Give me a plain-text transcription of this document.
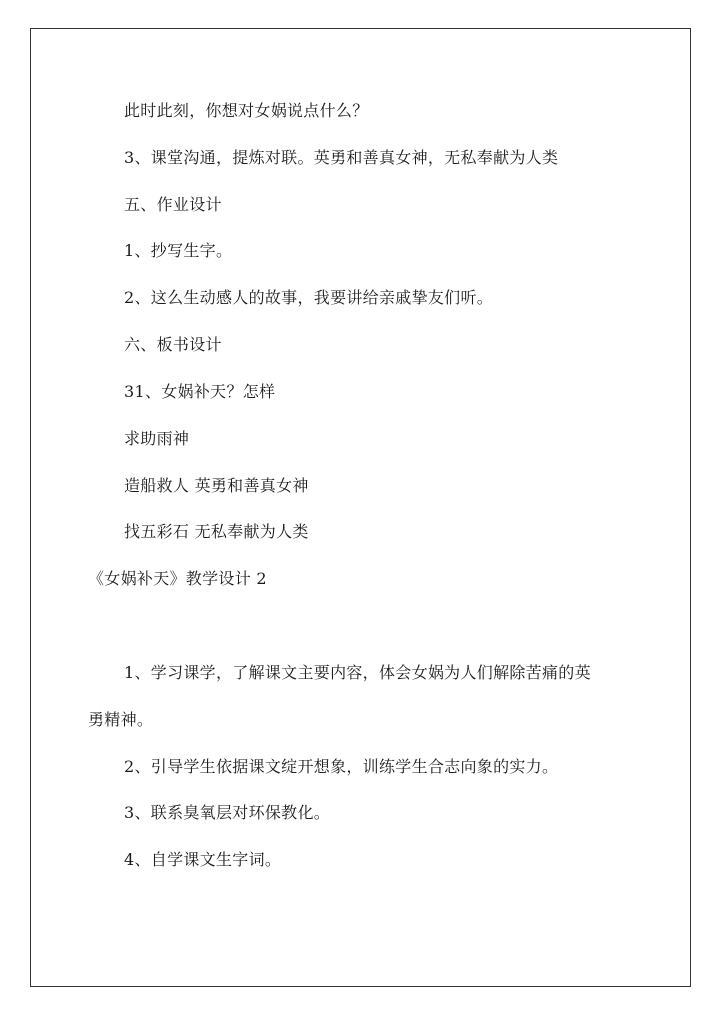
此时此刻，你想对女娲说点什么？
3、课堂沟通，提炼对联。英勇和善真女神，无私奉献为人类
五、作业设计
1、抄写生字。
2、这么生动感人的故事，我要讲给亲戚挚友们听。
六、板书设计
31、女娲补天？怎样
求助雨神
造船救人 英勇和善真女神
找五彩石 无私奉献为人类
《女娲补天》教学设计 2
1、学习课学，了解课文主要内容，体会女娲为人们解除苦痛的英
勇精神。
2、引导学生依据课文绽开想象，训练学生合志向象的实力。
3、联系臭氧层对环保教化。
4、自学课文生字词。
